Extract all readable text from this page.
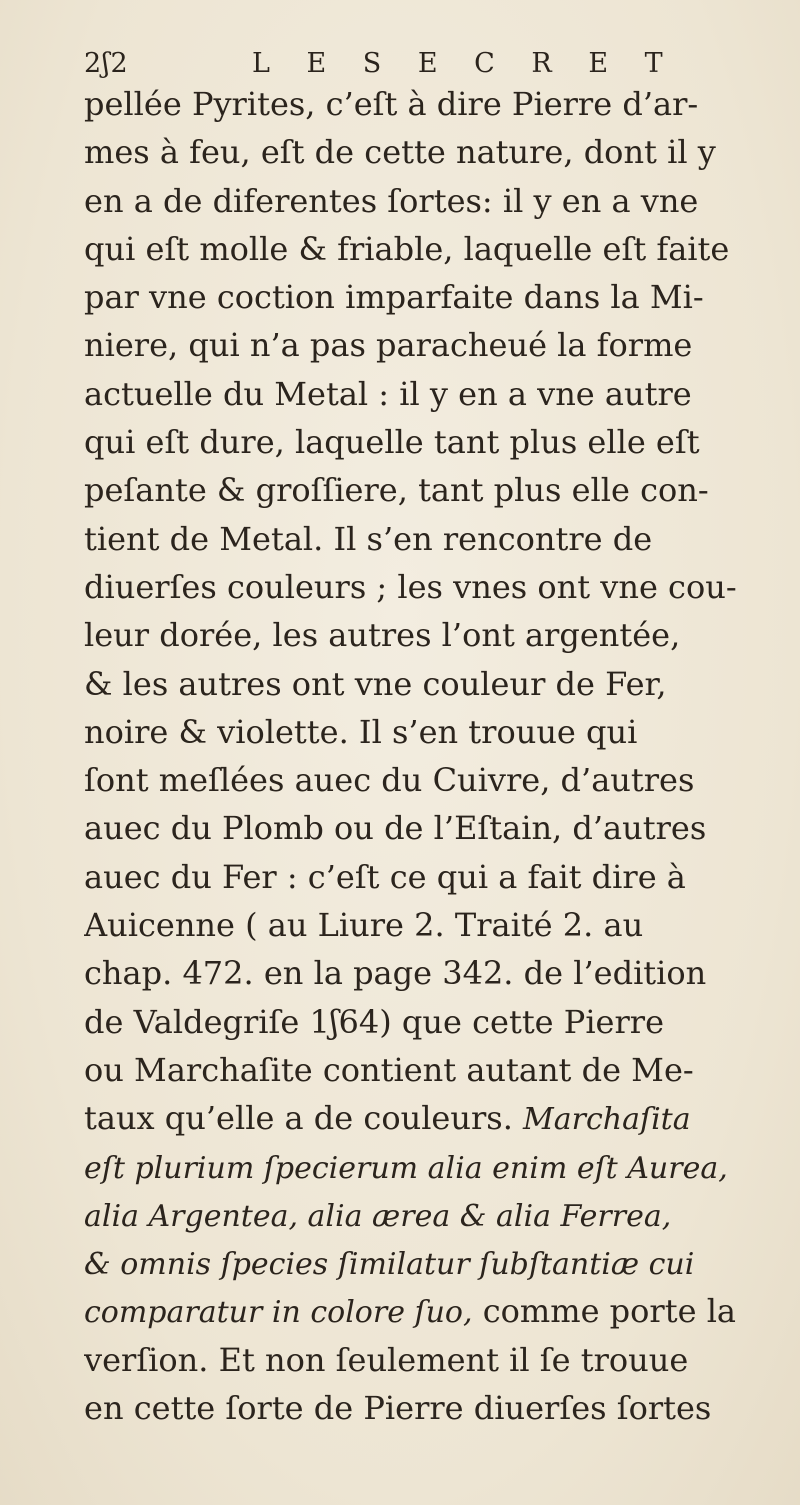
2ʃ2	L E S E C R E T
pellée Pyrites, c’eſt à dire Pierre d’ar-
mes à feu, eſt de cette nature, dont il y
en a de diferentes ſortes: il y en a vne
qui eſt molle & friable, laquelle eſt faite
par vne coction imparfaite dans la Mi-
niere, qui n’a pas paracheué la forme
actuelle du Metal : il y en a vne autre
qui eſt dure, laquelle tant plus elle eſt
peſante & groſſiere, tant plus elle con-
tient de Metal. Il s’en rencontre de
diuerſes couleurs ; les vnes ont vne cou-
leur dorée, les autres l’ont argentée,
& les autres ont vne couleur de Fer,
noire & violette. Il s’en trouue qui
ſont meſlées auec du Cuivre, d’autres
auec du Plomb ou de l’Eſtain, d’autres
auec du Fer : c’eſt ce qui a fait dire à
Auicenne ( au Liure 2. Traité 2. au
chap. 472. en la page 342. de l’edition
de Valdegriſe 1ʃ64) que cette Pierre
ou Marchaſite contient autant de Me-
taux qu’elle a de couleurs. Marchaſita
eſt plurium ſpecierum alia enim eſt Aurea,
alia Argentea, alia ærea & alia Ferrea,
& omnis ſpecies ſimilatur ſubſtantiæ cui
comparatur in colore ſuo, comme porte la
verſion. Et non ſeulement il ſe trouue
en cette ſorte de Pierre diuerſes ſortes
